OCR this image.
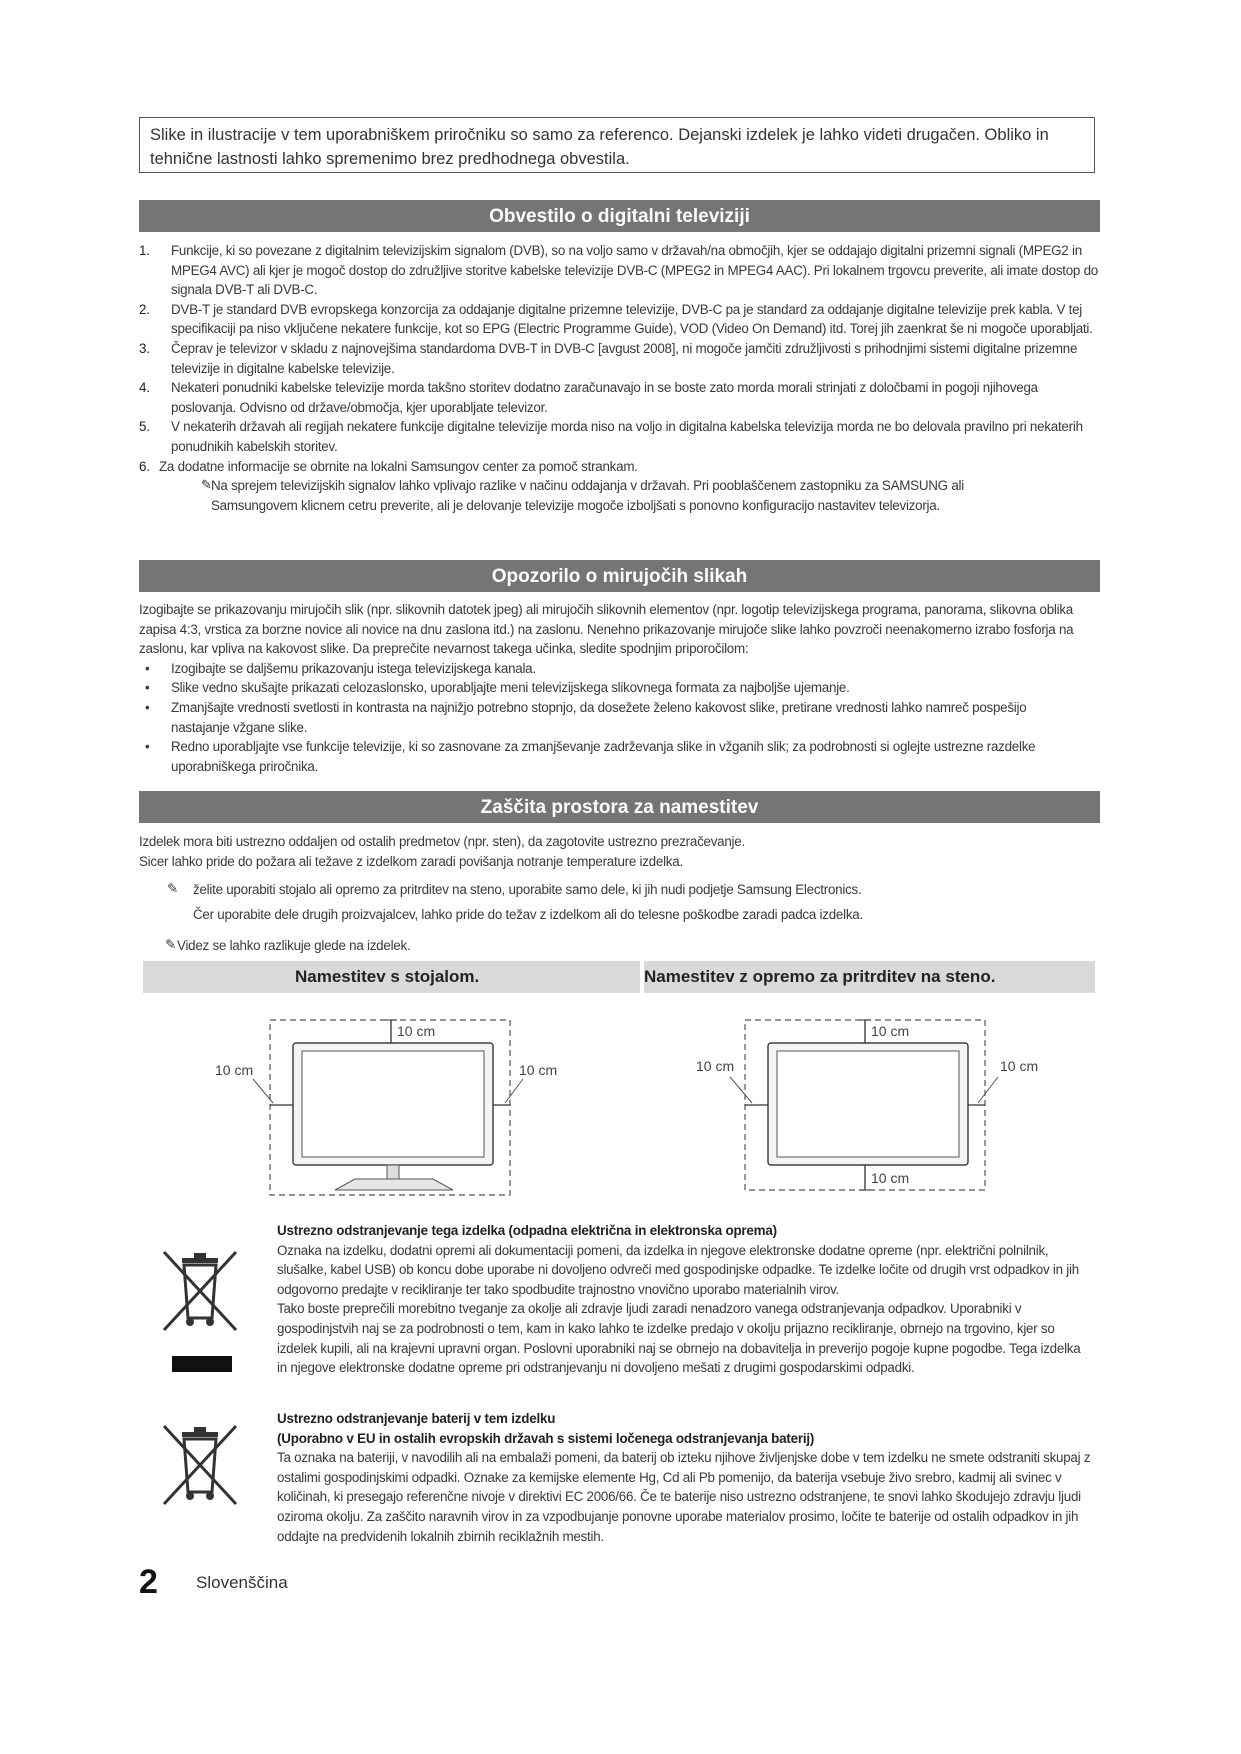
Slike in ilustracije v tem uporabniškem priročniku so samo za referenco. Dejanski izdelek je lahko videti drugačen. Obliko in tehnične lastnosti lahko spremenimo brez predhodnega obvestila.
Obvestilo o digitalni televiziji
1. Funkcije, ki so povezane z digitalnim televizijskim signalom (DVB), so na voljo samo v državah/na območjih, kjer se oddajajo digitalni prizemni signali (MPEG2 in MPEG4 AVC) ali kjer je mogoč dostop do združljive storitve kabelske televizije DVB-C (MPEG2 in MPEG4 AAC). Pri lokalnem trgovcu preverite, ali imate dostop do signala DVB-T ali DVB-C.
2. DVB-T je standard DVB evropskega konzorcija za oddajanje digitalne prizemne televizije, DVB-C pa je standard za oddajanje digitalne televizije prek kabla. V tej specifikaciji pa niso vključene nekatere funkcije, kot so EPG (Electric Programme Guide), VOD (Video On Demand) itd. Torej jih zaenkrat še ni mogoče uporabljati.
3. Čeprav je televizor v skladu z najnovejšima standardoma DVB-T in DVB-C [avgust 2008], ni mogoče jamčiti združljivosti s prihodnjimi sistemi digitalne prizemne televizije in digitalne kabelske televizije.
4. Nekateri ponudniki kabelske televizije morda takšno storitev dodatno zaračunavajo in se boste zato morda morali strinjati z določbami in pogoji njihovega poslovanja. Odvisno od države/območja, kjer uporabljate televizor.
5. V nekaterih državah ali regijah nekatere funkcije digitalne televizije morda niso na voljo in digitalna kabelska televizija morda ne bo delovala pravilno pri nekaterih ponudnikih kabelskih storitev.
6. Za dodatne informacije se obrnite na lokalni Samsungov center za pomoč strankam.
✎ Na sprejem televizijskih signalov lahko vplivajo razlike v načinu oddajanja v državah. Pri pooblaščenem zastopniku za SAMSUNG ali Samsungovem klicnem cetru preverite, ali je delovanje televizije mogoče izboljšati s ponovno konfiguracijo nastavitev televizorja.
Opozorilo o mirujočih slikah
Izogibajte se prikazovanju mirujočih slik (npr. slikovnih datotek jpeg) ali mirujočih slikovnih elementov (npr. logotip televizijskega programa, panorama, slikovna oblika zapisa 4:3, vrstica za borzne novice ali novice na dnu zaslona itd.) na zaslonu. Nenehno prikazovanje mirujoče slike lahko povzroči neenakomerno izrabo fosforja na zaslonu, kar vpliva na kakovost slike. Da preprečite nevarnost takega učinka, sledite spodnjim priporočilom:
• Izogibajte se daljšemu prikazovanju istega televizijskega kanala.
• Slike vedno skušajte prikazati celozaslonsko, uporabljajte meni televizijskega slikovnega formata za najboljše ujemanje.
• Zmanjšajte vrednosti svetlosti in kontrasta na najnižjo potrebno stopnjo, da dosežete želeno kakovost slike, pretirane vrednosti lahko namreč pospešijo nastajanje vžgane slike.
• Redno uporabljajte vse funkcije televizije, ki so zasnovane za zmanjševanje zadrževanja slike in vžganih slik; za podrobnosti si oglejte ustrezne razdelke uporabniškega priročnika.
Zaščita prostora za namestitev
Izdelek mora biti ustrezno oddaljen od ostalih predmetov (npr. sten), da zagotovite ustrezno prezračevanje.
Sicer lahko pride do požara ali težave z izdelkom zaradi povišanja notranje temperature izdelka.
✎ želite uporabiti stojalo ali opremo za pritrditev na steno, uporabite samo dele, ki jih nudi podjetje Samsung Electronics.
Čer uporabite dele drugih proizvajalcev, lahko pride do težav z izdelkom ali do telesne poškodbe zaradi padca izdelka.
✎ Videz se lahko razlikuje glede na izdelek.
Namestitev s stojalom.	Namestitev z opremo za pritrditev na steno.
10 cm
10 cm	10 cm
10 cm
10 cm
10 cm	10 cm
Ustrezno odstranjevanje tega izdelka (odpadna električna in elektronska oprema)
Oznaka na izdelku, dodatni opremi ali dokumentaciji pomeni, da izdelka in njegove elektronske dodatne opreme (npr. električni polnilnik, slušalke, kabel USB) ob koncu dobe uporabe ni dovoljeno odvreči med gospodinjske odpadke. Te izdelke ločite od drugih vrst odpadkov in jih odgovorno predajte v recikliranje ter tako spodbudite trajnostno vnovično uporabo materialnih virov.
Tako boste preprečili morebitno tveganje za okolje ali zdravje ljudi zaradi nenadzoro vanega odstranjevanja odpadkov. Uporabniki v gospodinjstvih naj se za podrobnosti o tem, kam in kako lahko te izdelke predajo v okolju prijazno recikliranje, obrnejo na trgovino, kjer so izdelek kupili, ali na krajevni upravni organ. Poslovni uporabniki naj se obrnejo na dobavitelja in preverijo pogoje kupne pogodbe. Tega izdelka in njegove elektronske dodatne opreme pri odstranjevanju ni dovoljeno mešati z drugimi gospodarskimi odpadki.
Ustrezno odstranjevanje baterij v tem izdelku
(Uporabno v EU in ostalih evropskih državah s sistemi ločenega odstranjevanja baterij)
Ta oznaka na bateriji, v navodilih ali na embalaži pomeni, da baterij ob izteku njihove življenjske dobe v tem izdelku ne smete odstraniti skupaj z ostalimi gospodinjskimi odpadki. Oznake za kemijske elemente Hg, Cd ali Pb pomenijo, da baterija vsebuje živo srebro, kadmij ali svinec v količinah, ki presegajo referenčne nivoje v direktivi EC 2006/66. Če te baterije niso ustrezno odstranjene, te snovi lahko škodujejo zdravju ljudi oziroma okolju. Za zaščito naravnih virov in za vzpodbujanje ponovne uporabe materialov prosimo, ločite te baterije od ostalih odpadkov in jih oddajte na predvidenih lokalnih zbirnih reciklažnih mestih.
2 Slovenščina
